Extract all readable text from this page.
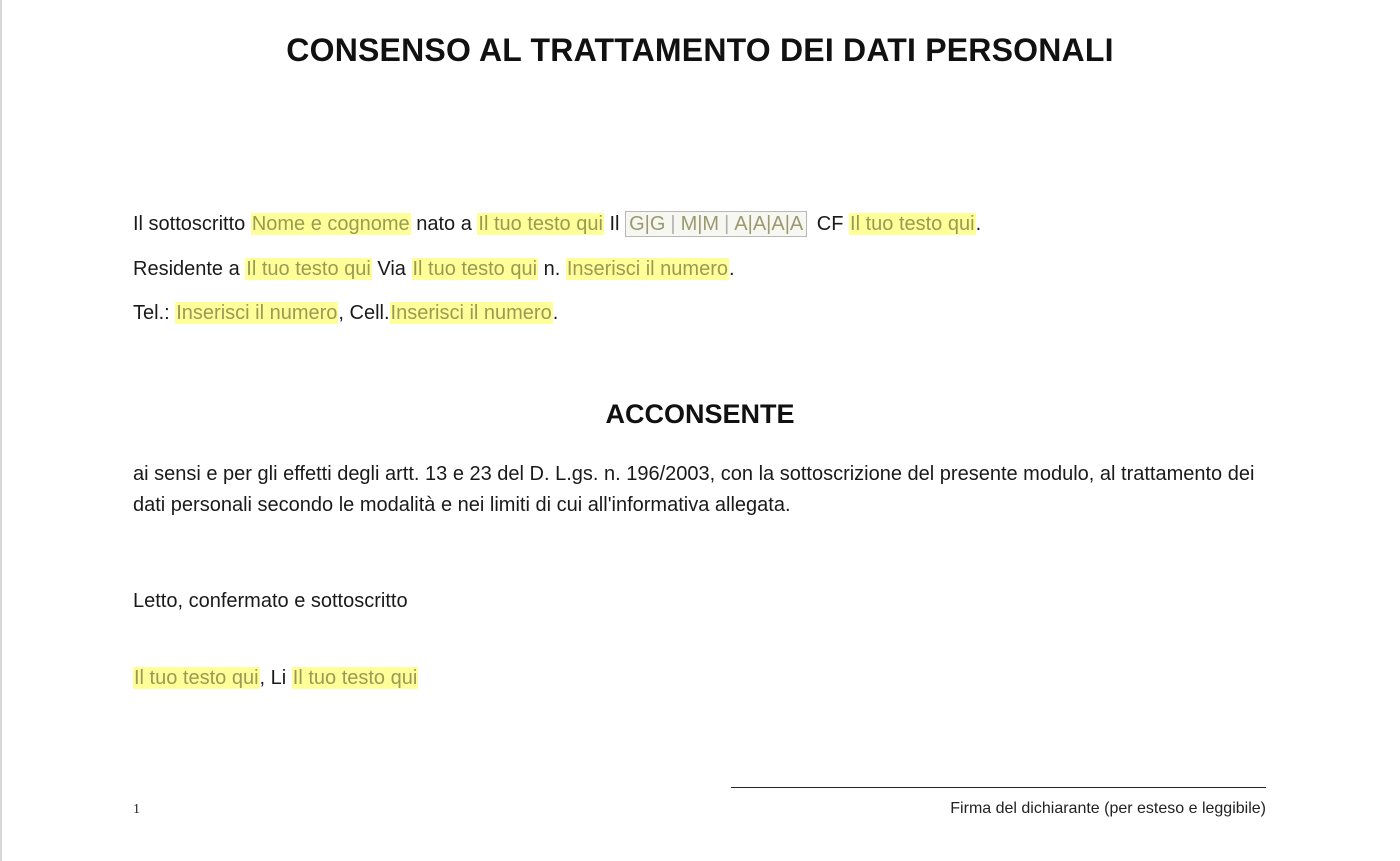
CONSENSO AL TRATTAMENTO DEI DATI PERSONALI
Il sottoscritto Nome e cognome nato a Il tuo testo qui Il G|G | M|M | A|A|A|A CF Il tuo testo qui.
Residente a Il tuo testo qui Via Il tuo testo qui n. Inserisci il numero.
Tel.: Inserisci il numero, Cell.Inserisci il numero.
ACCONSENTE
ai sensi e per gli effetti degli artt. 13 e 23 del D. L.gs. n. 196/2003, con la sottoscrizione del presente modulo, al trattamento dei dati personali secondo le modalità e nei limiti di cui all'informativa allegata.
Letto, confermato e sottoscritto
Il tuo testo qui, Li Il tuo testo qui
Firma del dichiarante (per esteso e leggibile)
1
